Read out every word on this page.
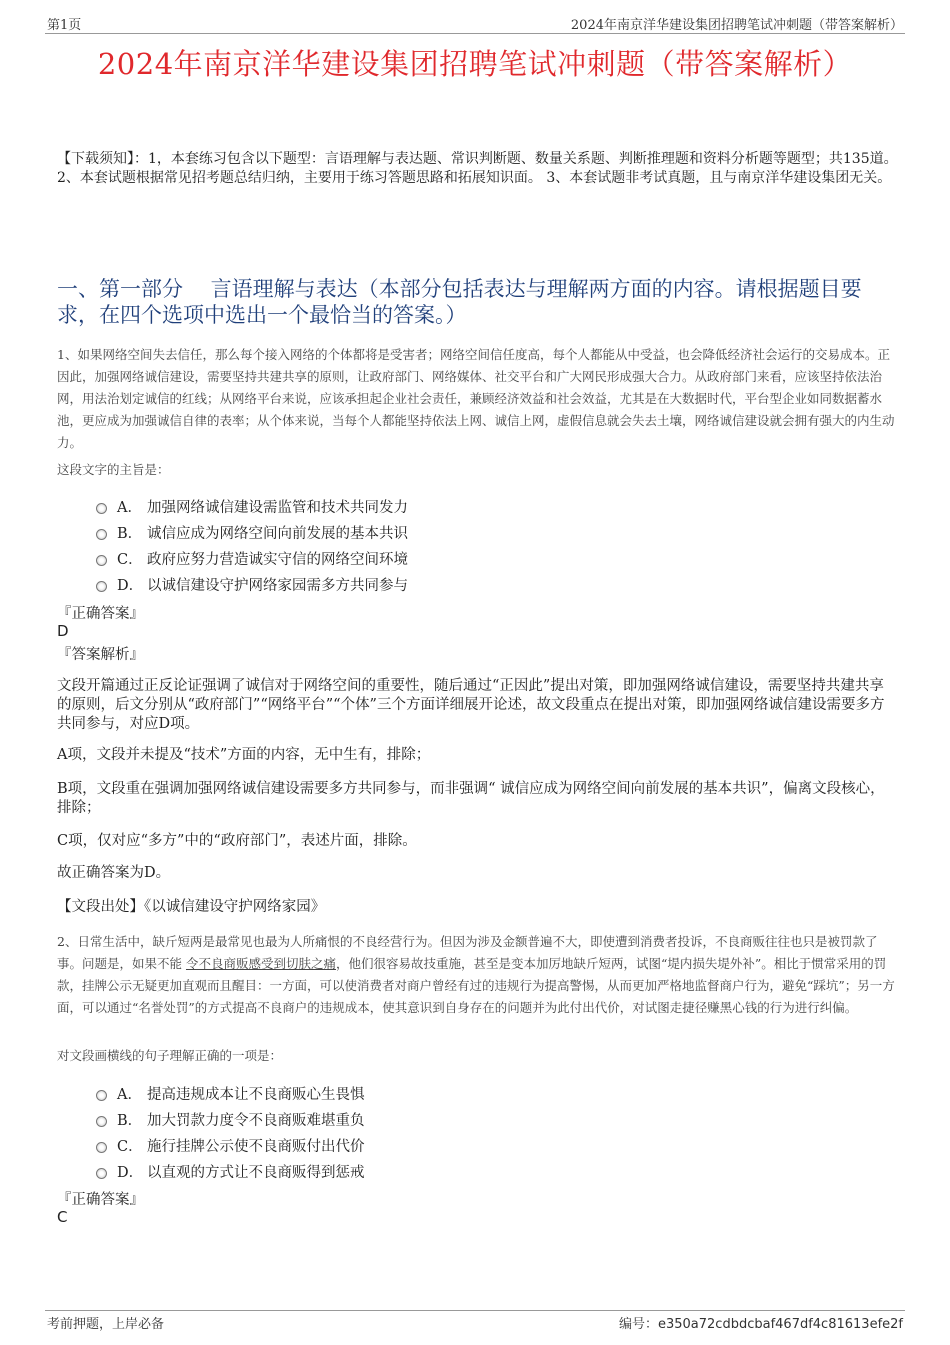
第1页	2024年南京洋华建设集团招聘笔试冲刺题（带答案解析）
2024年南京洋华建设集团招聘笔试冲刺题（带答案解析）
【下载须知】：1，本套练习包含以下题型：言语理解与表达题、常识判断题、数量关系题、判断推理题和资料分析题等题型；共135道。 2、本套试题根据常见招考题总结归纳，主要用于练习答题思路和拓展知识面。 3、本套试题非考试真题，且与南京洋华建设集团无关。
一、第一部分　 言语理解与表达（本部分包括表达与理解两方面的内容。请根据题目要求，在四个选项中选出一个最恰当的答案。）
1、如果网络空间失去信任，那么每个接入网络的个体都将是受害者；网络空间信任度高，每个人都能从中受益，也会降低经济社会运行的交易成本。正因此，加强网络诚信建设，需要坚持共建共享的原则，让政府部门、网络媒体、社交平台和广大网民形成强大合力。从政府部门来看，应该坚持依法治网，用法治划定诚信的红线；从网络平台来说，应该承担起企业社会责任，兼顾经济效益和社会效益，尤其是在大数据时代，平台型企业如同数据蓄水池，更应成为加强诚信自律的表率；从个体来说，当每个人都能坚持依法上网、诚信上网，虚假信息就会失去土壤，网络诚信建设就会拥有强大的内生动力。
这段文字的主旨是：
A． 加强网络诚信建设需监管和技术共同发力
B． 诚信应成为网络空间向前发展的基本共识
C． 政府应努力营造诚实守信的网络空间环境
D． 以诚信建设守护网络家园需多方共同参与
『正确答案』
D
『答案解析』
文段开篇通过正反论证强调了诚信对于网络空间的重要性，随后通过“正因此”提出对策，即加强网络诚信建设，需要坚持共建共享的原则，后文分别从“政府部门”“网络平台”“个体”三个方面详细展开论述，故文段重点在提出对策，即加强网络诚信建设需要多方共同参与，对应D项。
A项，文段并未提及“技术”方面的内容，无中生有，排除；
B项，文段重在强调加强网络诚信建设需要多方共同参与，而非强调“ 诚信应成为网络空间向前发展的基本共识”，偏离文段核心，排除；
C项，仅对应“多方”中的“政府部门”，表述片面，排除。
故正确答案为D。
【文段出处】《以诚信建设守护网络家园》
2、日常生活中，缺斤短两是最常见也最为人所痛恨的不良经营行为。但因为涉及金额普遍不大，即使遭到消费者投诉，不良商贩往往也只是被罚款了事。问题是，如果不能 令不良商贩感受到切肤之痛，他们很容易故技重施，甚至是变本加厉地缺斤短两，试图“堤内损失堤外补”。相比于惯常采用的罚款，挂牌公示无疑更加直观而且醒目：一方面，可以使消费者对商户曾经有过的违规行为提高警惕，从而更加严格地监督商户行为，避免“踩坑”；另一方面，可以通过“名誉处罚”的方式提高不良商户的违规成本，使其意识到自身存在的问题并为此付出代价，对试图走捷径赚黑心钱的行为进行纠偏。
对文段画横线的句子理解正确的一项是：
A． 提高违规成本让不良商贩心生畏惧
B． 加大罚款力度令不良商贩难堪重负
C． 施行挂牌公示使不良商贩付出代价
D． 以直观的方式让不良商贩得到惩戒
『正确答案』
C
考前押题，上岸必备	编号：e350a72cdbdcbaf467df4c81613efe2f
